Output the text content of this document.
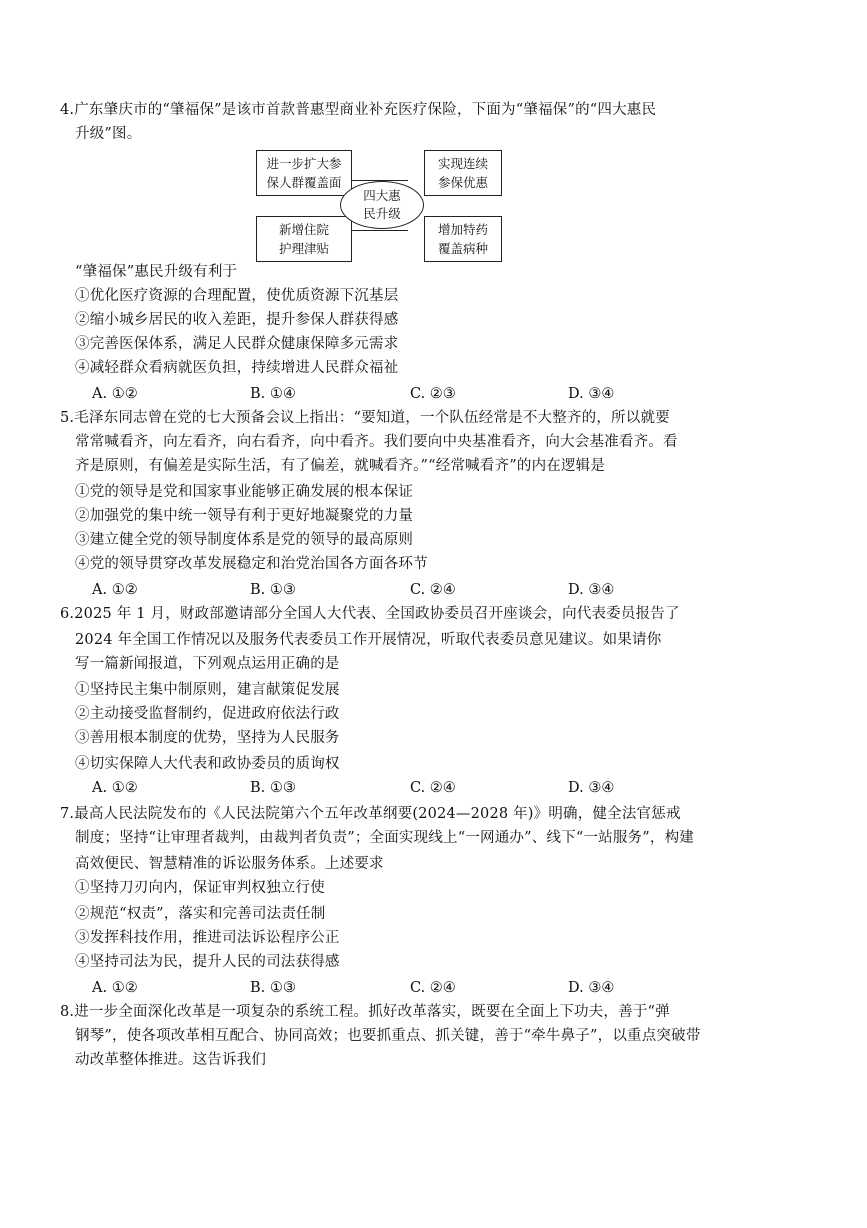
4.广东肇庆市的“肇福保”是该市首款普惠型商业补充医疗保险，下面为“肇福保”的“四大惠民
升级”图。
进一步扩大参
保人群覆盖面
实现连续
参保优惠
新增住院
护理津贴
增加特药
覆盖病种
四大惠
民升级
“肇福保”惠民升级有利于
①优化医疗资源的合理配置，使优质资源下沉基层
②缩小城乡居民的收入差距，提升参保人群获得感
③完善医保体系，满足人民群众健康保障多元需求
④减轻群众看病就医负担，持续增进人民群众福祉
A. ①②	B. ①④	C. ②③	D. ③④
5.毛泽东同志曾在党的七大预备会议上指出：“要知道，一个队伍经常是不大整齐的，所以就要
常常喊看齐，向左看齐，向右看齐，向中看齐。我们要向中央基准看齐，向大会基准看齐。看
齐是原则，有偏差是实际生活，有了偏差，就喊看齐。”“经常喊看齐”的内在逻辑是
①党的领导是党和国家事业能够正确发展的根本保证
②加强党的集中统一领导有利于更好地凝聚党的力量
③建立健全党的领导制度体系是党的领导的最高原则
④党的领导贯穿改革发展稳定和治党治国各方面各环节
A. ①②	B. ①③	C. ②④	D. ③④
6.2025 年 1 月，财政部邀请部分全国人大代表、全国政协委员召开座谈会，向代表委员报告了
2024 年全国工作情况以及服务代表委员工作开展情况，听取代表委员意见建议。如果请你
写一篇新闻报道，下列观点运用正确的是
①坚持民主集中制原则，建言献策促发展
②主动接受监督制约，促进政府依法行政
③善用根本制度的优势，坚持为人民服务
④切实保障人大代表和政协委员的质询权
A. ①②	B. ①③	C. ②④	D. ③④
7.最高人民法院发布的《人民法院第六个五年改革纲要(2024—2028 年)》明确，健全法官惩戒
制度；坚持“让审理者裁判，由裁判者负责”；全面实现线上“一网通办”、线下“一站服务”，构建
高效便民、智慧精准的诉讼服务体系。上述要求
①坚持刀刃向内，保证审判权独立行使
②规范“权责”，落实和完善司法责任制
③发挥科技作用，推进司法诉讼程序公正
④坚持司法为民，提升人民的司法获得感
A. ①②	B. ①③	C. ②④	D. ③④
8.进一步全面深化改革是一项复杂的系统工程。抓好改革落实，既要在全面上下功夫，善于“弹
钢琴”，使各项改革相互配合、协同高效；也要抓重点、抓关键，善于“牵牛鼻子”，以重点突破带
动改革整体推进。这告诉我们
